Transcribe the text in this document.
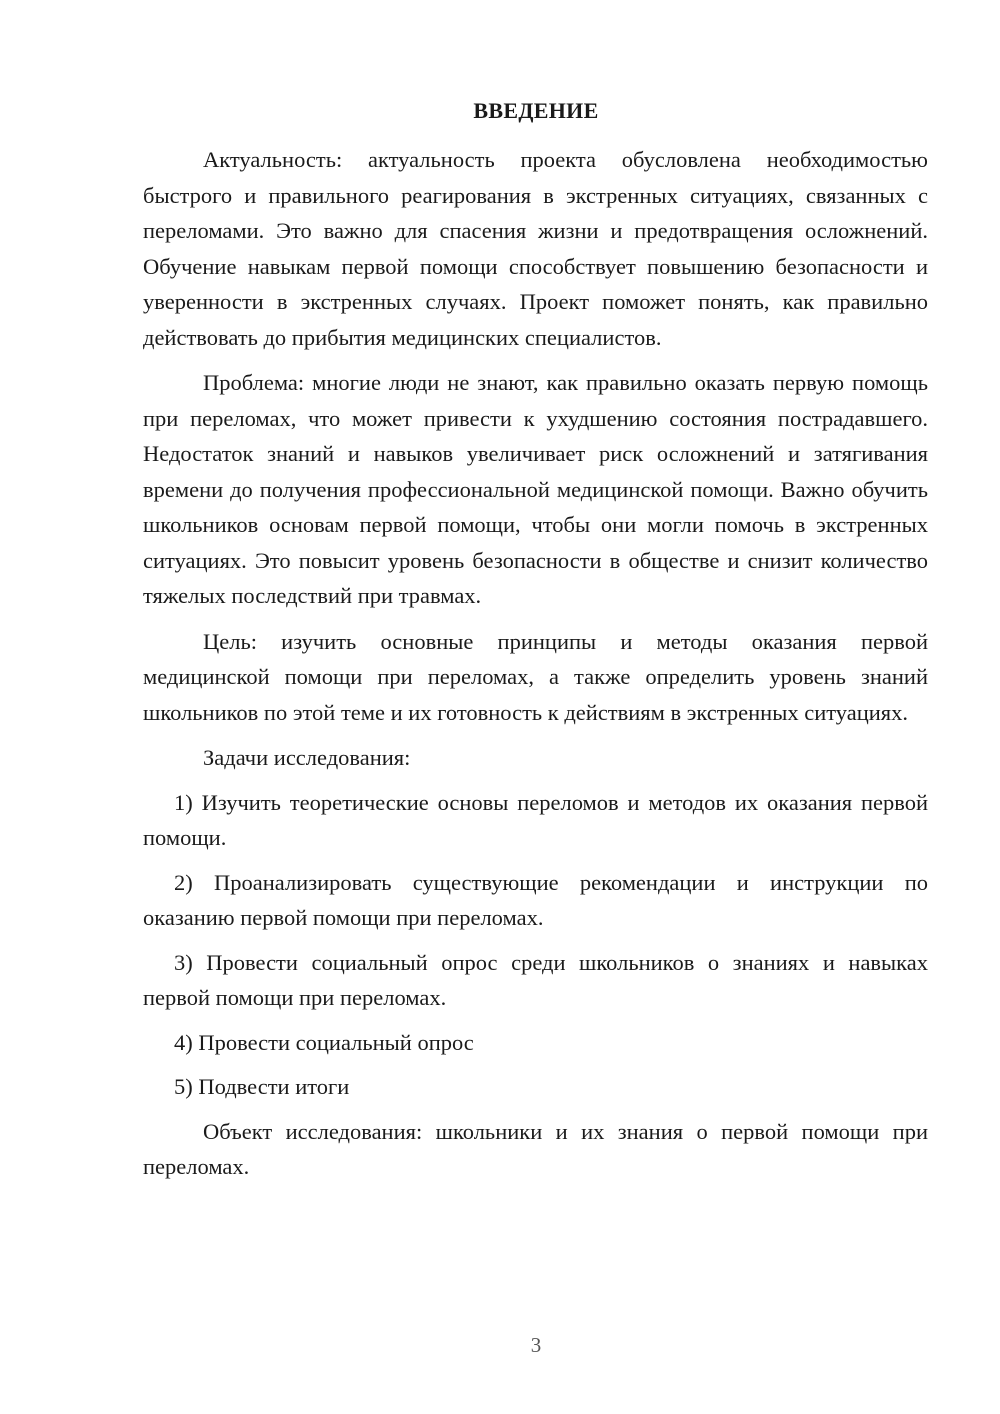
ВВЕДЕНИЕ

Актуальность: актуальность проекта обусловлена необходимостью быстрого и правильного реагирования в экстренных ситуациях, связанных с переломами. Это важно для спасения жизни и предотвращения осложнений. Обучение навыкам первой помощи способствует повышению безопасности и уверенности в экстренных случаях. Проект поможет понять, как правильно действовать до прибытия медицинских специалистов.

Проблема: многие люди не знают, как правильно оказать первую помощь при переломах, что может привести к ухудшению состояния пострадавшего. Недостаток знаний и навыков увеличивает риск осложнений и затягивания времени до получения профессиональной медицинской помощи. Важно обучить школьников основам первой помощи, чтобы они могли помочь в экстренных ситуациях. Это повысит уровень безопасности в обществе и снизит количество тяжелых последствий при травмах.

Цель: изучить основные принципы и методы оказания первой медицинской помощи при переломах, а также определить уровень знаний школьников по этой теме и их готовность к действиям в экстренных ситуациях.

Задачи исследования:

1) Изучить теоретические основы переломов и методов их оказания первой помощи.

2) Проанализировать существующие рекомендации и инструкции по оказанию первой помощи при переломах.

3) Провести социальный опрос среди школьников о знаниях и навыках первой помощи при переломах.

4) Провести социальный опрос

5) Подвести итоги

Объект исследования: школьники и их знания о первой помощи при переломах.

3
